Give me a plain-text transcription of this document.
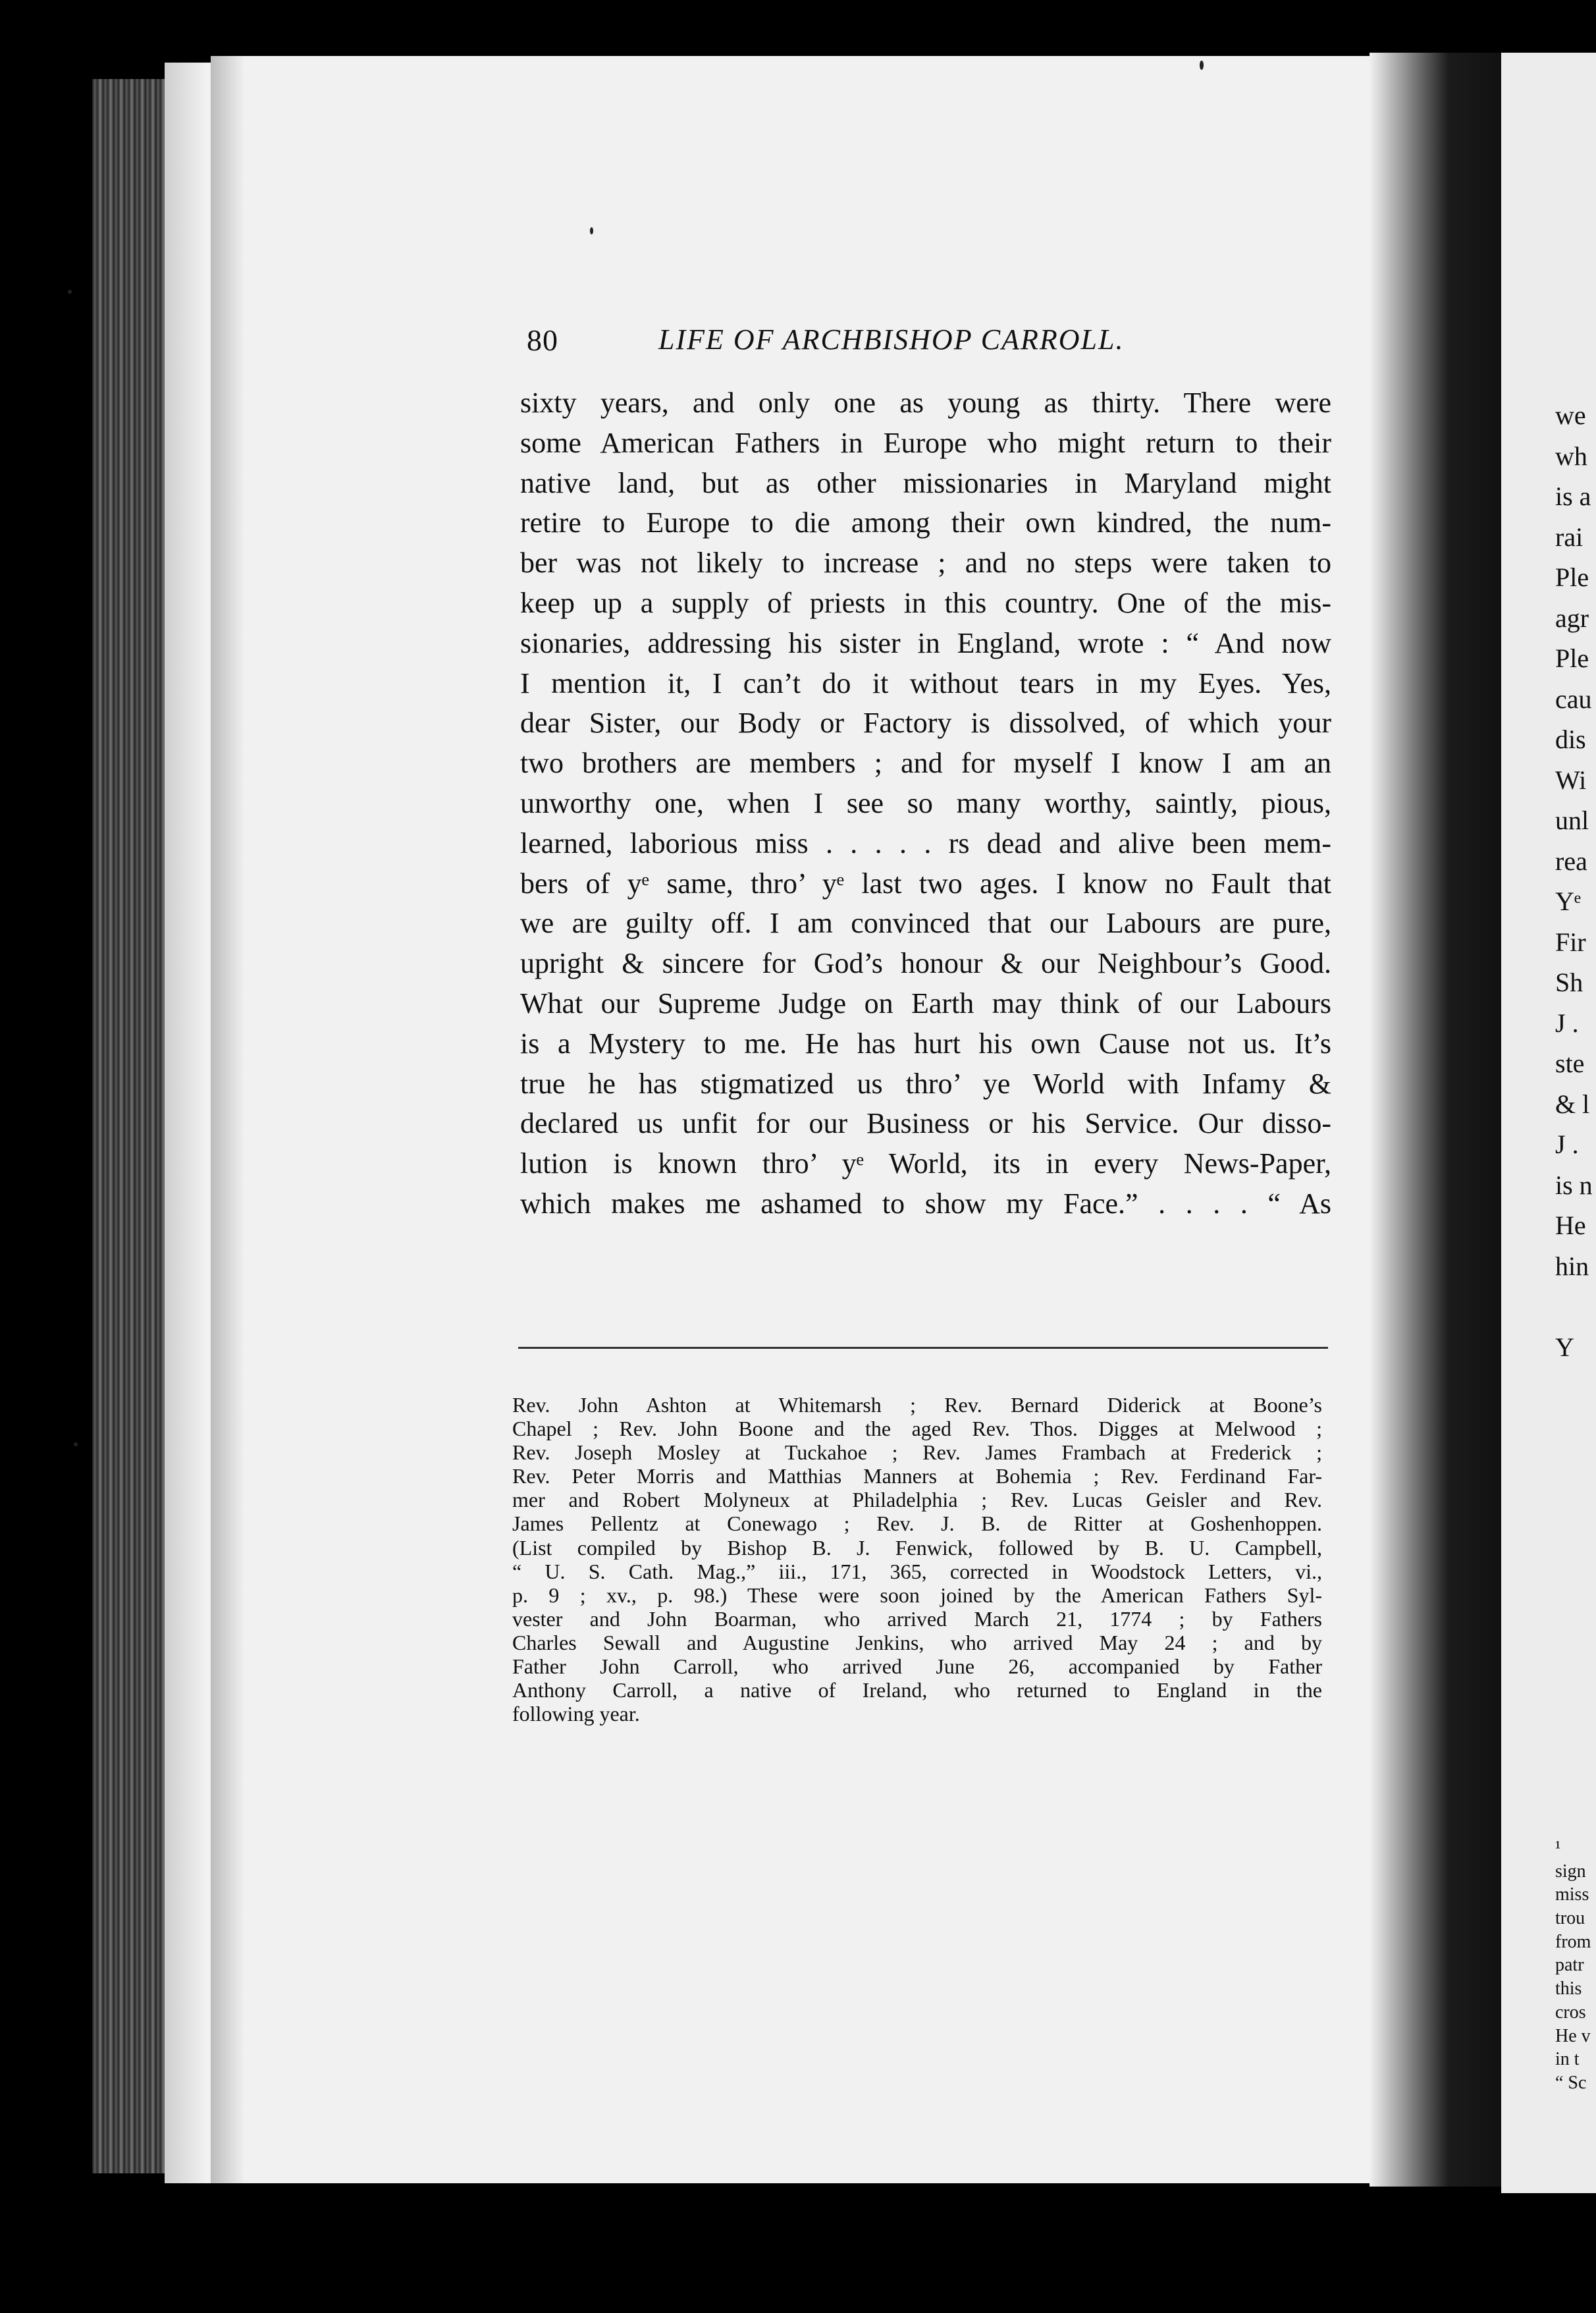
we
wh
is a
rai
Ple
agr
Ple
cau
dis
Wi
unl
rea
Yᵉ
Fir
Sh
J .
ste
& l
J .
is n
He
hin
Y
¹
sign
miss
trou
from
patr
this
cros
He v
in t
“ Sc
80	LIFE OF ARCHBISHOP CARROLL.
sixty years, and only one as young as thirty. There were
some American Fathers in Europe who might return to their
native land, but as other missionaries in Maryland might
retire to Europe to die among their own kindred, the num-
ber was not likely to increase ; and no steps were taken to
keep up a supply of priests in this country. One of the mis-
sionaries, addressing his sister in England, wrote : “ And now
I mention it, I can’t do it without tears in my Eyes. Yes,
dear Sister, our Body or Factory is dissolved, of which your
two brothers are members ; and for myself I know I am an
unworthy one, when I see so many worthy, saintly, pious,
learned, laborious miss . . . . . rs dead and alive been mem-
bers of yᵉ same, thro’ yᵉ last two ages. I know no Fault that
we are guilty off. I am convinced that our Labours are pure,
upright & sincere for God’s honour & our Neighbour’s Good.
What our Supreme Judge on Earth may think of our Labours
is a Mystery to me. He has hurt his own Cause not us. It’s
true he has stigmatized us thro’ ye World with Infamy &
declared us unfit for our Business or his Service. Our disso-
lution is known thro’ yᵉ World, its in every News-Paper,
which makes me ashamed to show my Face.” . . . . “ As
Rev. John Ashton at Whitemarsh ; Rev. Bernard Diderick at Boone’s
Chapel ; Rev. John Boone and the aged Rev. Thos. Digges at Melwood ;
Rev. Joseph Mosley at Tuckahoe ; Rev. James Frambach at Frederick ;
Rev. Peter Morris and Matthias Manners at Bohemia ; Rev. Ferdinand Far-
mer and Robert Molyneux at Philadelphia ; Rev. Lucas Geisler and Rev.
James Pellentz at Conewago ; Rev. J. B. de Ritter at Goshenhoppen.
(List compiled by Bishop B. J. Fenwick, followed by B. U. Campbell,
“ U. S. Cath. Mag.,” iii., 171, 365, corrected in Woodstock Letters, vi.,
p. 9 ; xv., p. 98.) These were soon joined by the American Fathers Syl-
vester and John Boarman, who arrived March 21, 1774 ; by Fathers
Charles Sewall and Augustine Jenkins, who arrived May 24 ; and by
Father John Carroll, who arrived June 26, accompanied by Father
Anthony Carroll, a native of Ireland, who returned to England in the
following year.
